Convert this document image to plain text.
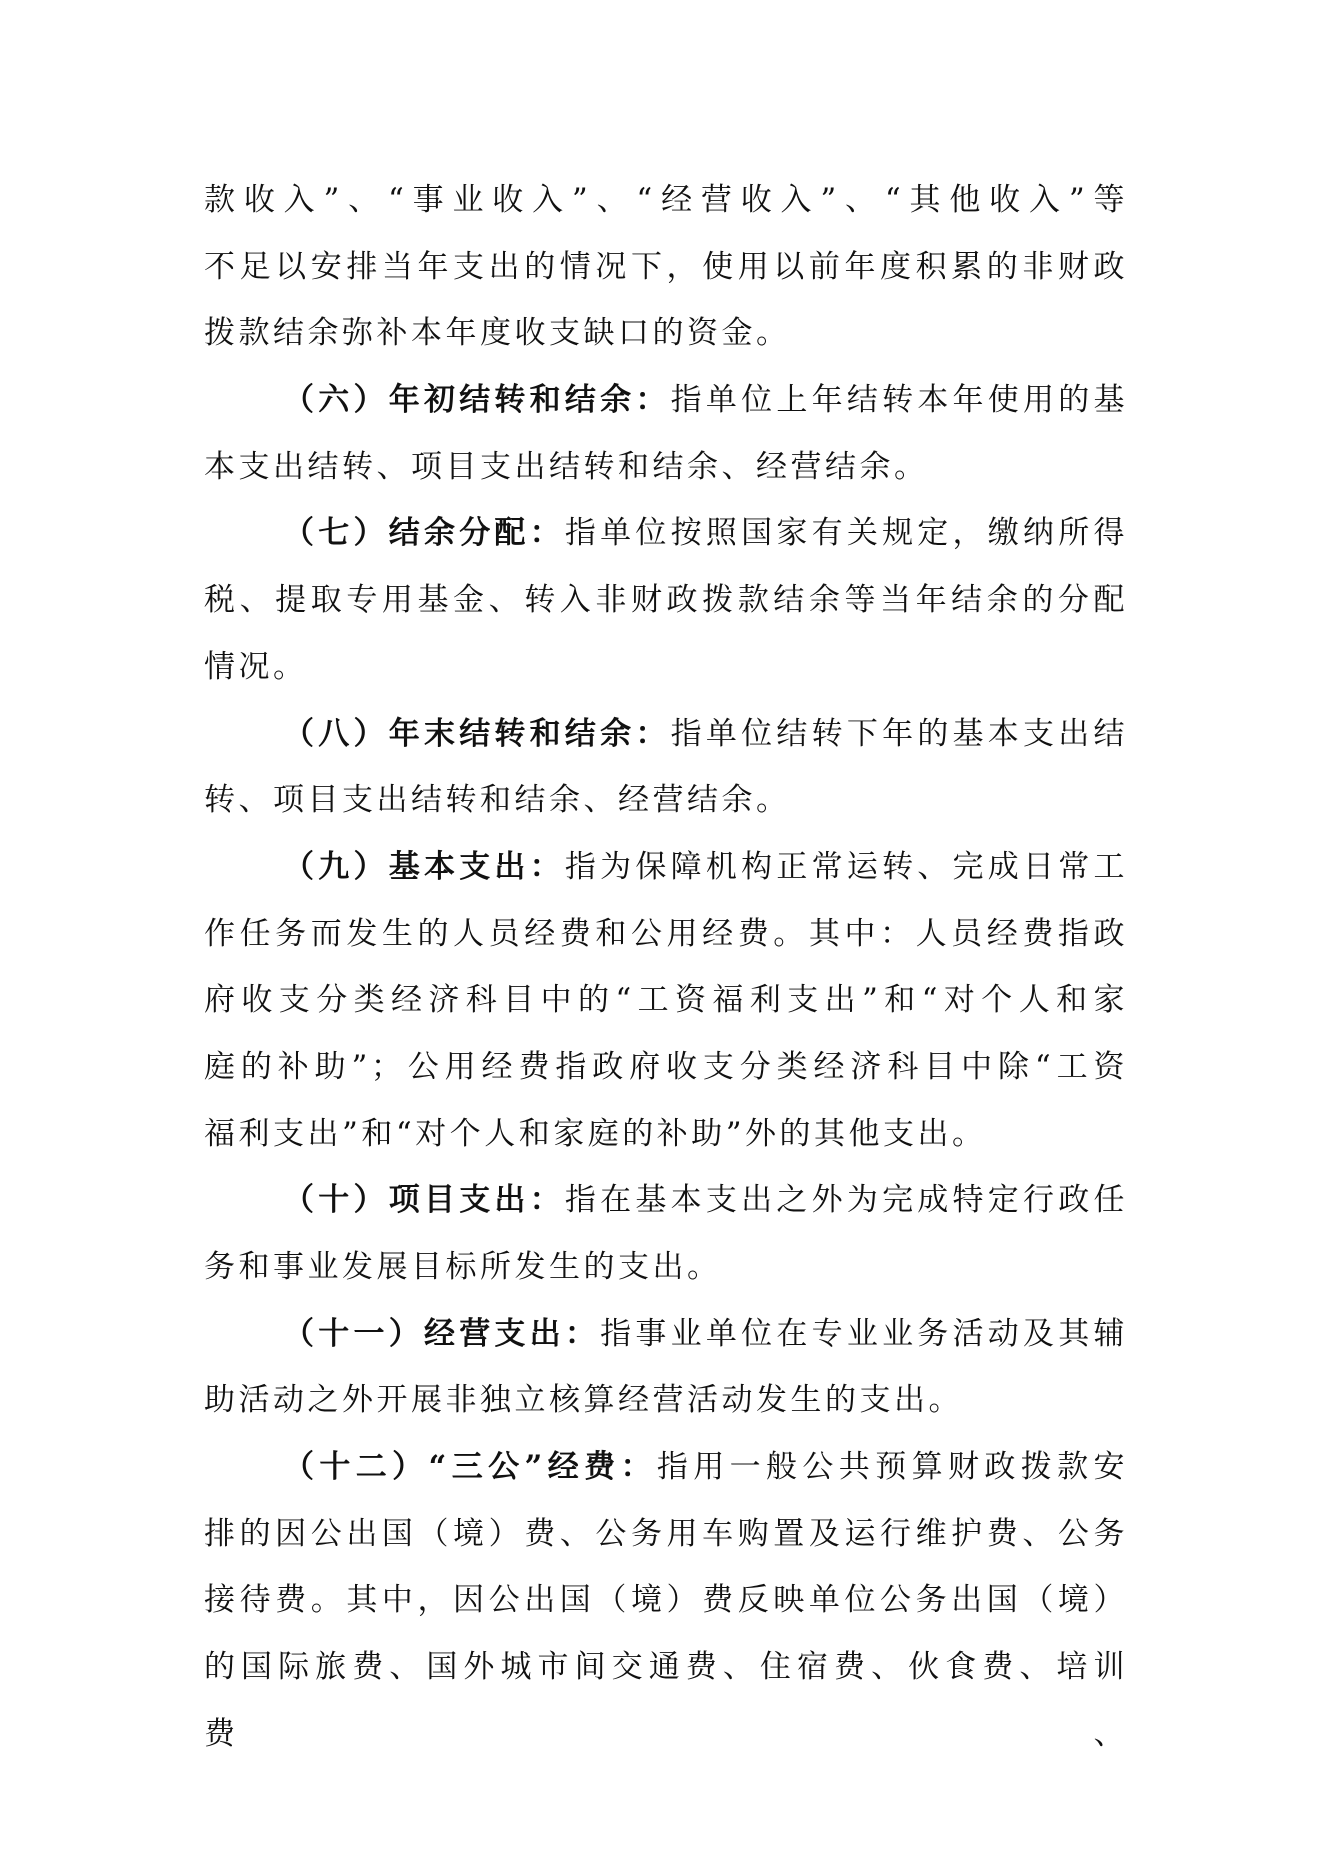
款收入”、“事业收入”、“经营收入”、“其他收入”等
不足以安排当年支出的情况下，使用以前年度积累的非财政
拨款结余弥补本年度收支缺口的资金。
（六）年初结转和结余：指单位上年结转本年使用的基
本支出结转、项目支出结转和结余、经营结余。
（七）结余分配：指单位按照国家有关规定，缴纳所得
税、提取专用基金、转入非财政拨款结余等当年结余的分配
情况。
（八）年末结转和结余：指单位结转下年的基本支出结
转、项目支出结转和结余、经营结余。
（九）基本支出：指为保障机构正常运转、完成日常工
作任务而发生的人员经费和公用经费。其中：人员经费指政
府收支分类经济科目中的“工资福利支出”和“对个人和家
庭的补助”；公用经费指政府收支分类经济科目中除“工资
福利支出”和“对个人和家庭的补助”外的其他支出。
（十）项目支出：指在基本支出之外为完成特定行政任
务和事业发展目标所发生的支出。
（十一）经营支出：指事业单位在专业业务活动及其辅
助活动之外开展非独立核算经营活动发生的支出。
（十二）“三公”经费：指用一般公共预算财政拨款安
排的因公出国（境）费、公务用车购置及运行维护费、公务
接待费。其中，因公出国（境）费反映单位公务出国（境）
的国际旅费、国外城市间交通费、住宿费、伙食费、培训费、
